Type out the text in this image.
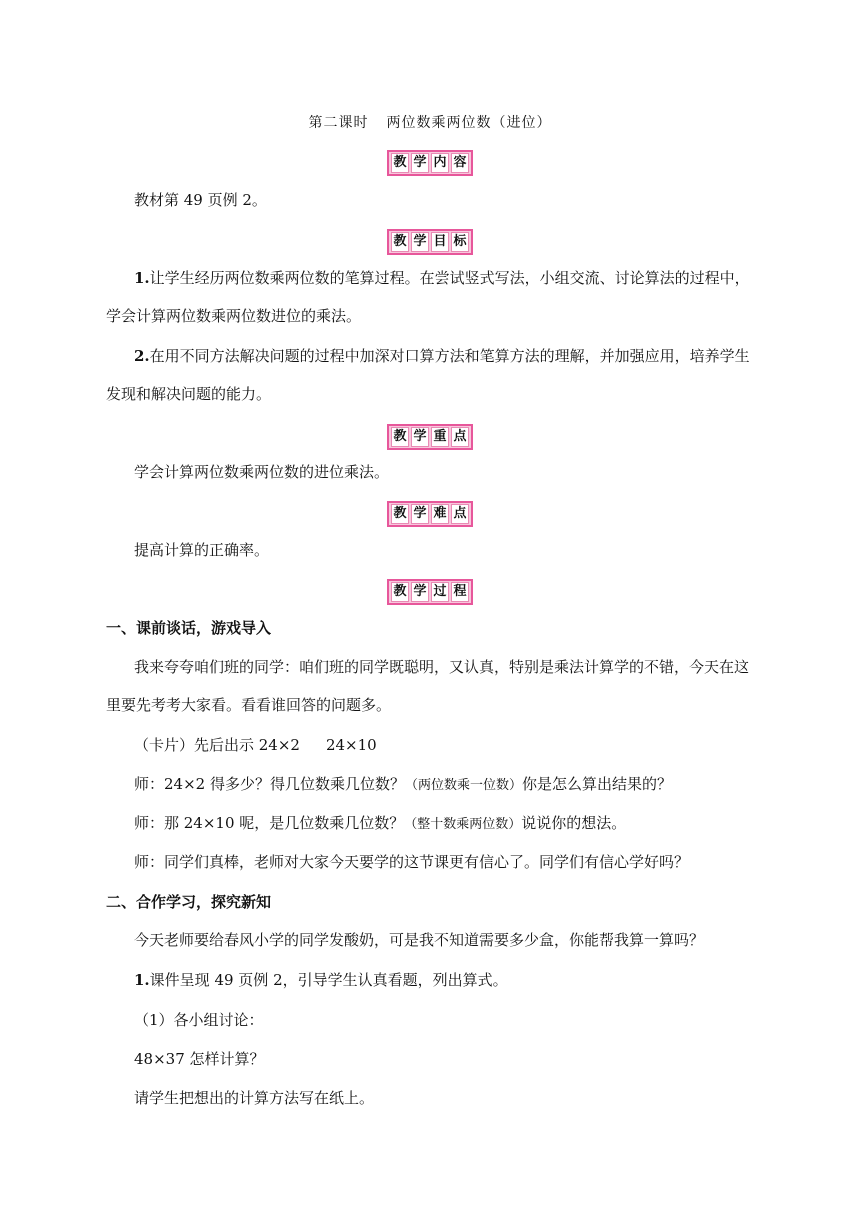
第二课时 两位数乘两位数（进位）
教 学 内 容
教材第 49 页例 2。
教 学 目 标
1.让学生经历两位数乘两位数的笔算过程。在尝试竖式写法，小组交流、讨论算法的过程中，
学会计算两位数乘两位数进位的乘法。
2.在用不同方法解决问题的过程中加深对口算方法和笔算方法的理解，并加强应用，培养学生
发现和解决问题的能力。
教 学 重 点
学会计算两位数乘两位数的进位乘法。
教 学 难 点
提高计算的正确率。
教 学 过 程
一、课前谈话，游戏导入
我来夸夸咱们班的同学：咱们班的同学既聪明，又认真，特别是乘法计算学的不错，今天在这
里要先考考大家看。看看谁回答的问题多。
（卡片）先后出示 24×2 24×10
师：24×2 得多少？得几位数乘几位数？（两位数乘一位数）你是怎么算出结果的？
师：那 24×10 呢，是几位数乘几位数？（整十数乘两位数）说说你的想法。
师：同学们真棒，老师对大家今天要学的这节课更有信心了。同学们有信心学好吗？
二、合作学习，探究新知
今天老师要给春风小学的同学发酸奶，可是我不知道需要多少盒，你能帮我算一算吗？
1.课件呈现 49 页例 2，引导学生认真看题，列出算式。
（1）各小组讨论：
48×37 怎样计算？
请学生把想出的计算方法写在纸上。
